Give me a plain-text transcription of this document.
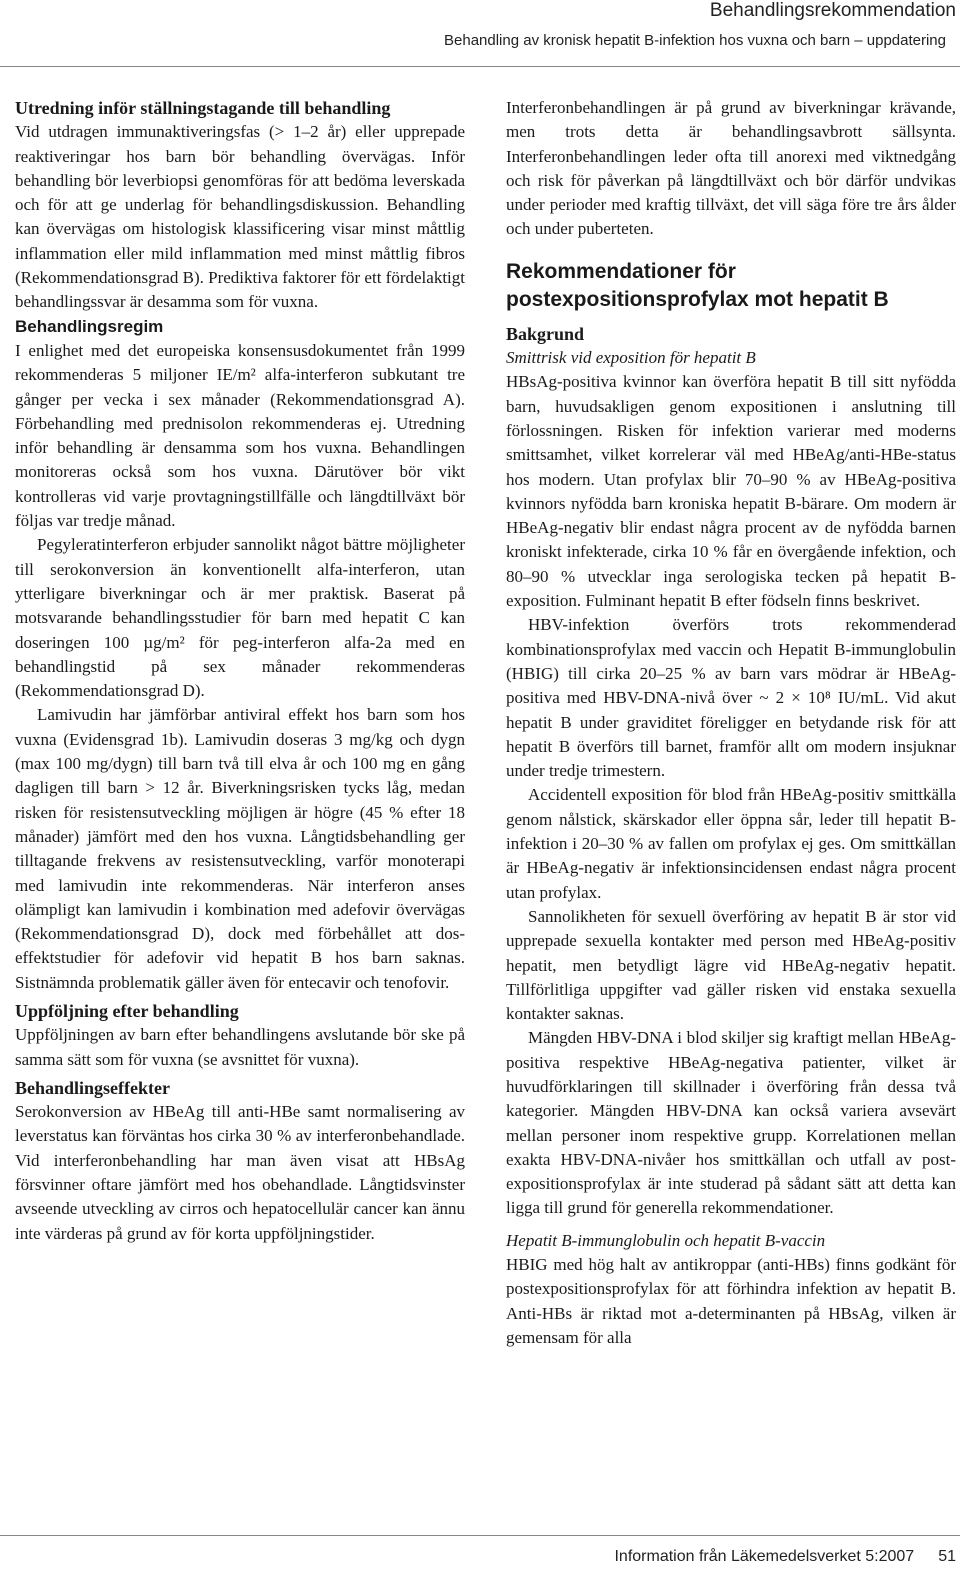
Behandlingsrekommendation
Behandling av kronisk hepatit B-infektion hos vuxna och barn – uppdatering

Utredning inför ställningstagande till behandling

Vid utdragen immunaktiveringsfas (> 1–2 år) eller upprepade reaktiveringar hos barn bör behandling övervägas. Inför behandling bör leverbiopsi genomföras för att bedöma leverskada och för att ge underlag för behandlingsdiskussion. Behandling kan övervägas om histologisk klassificering visar minst måttlig inflammation eller mild inflammation med minst måttlig fibros (Rekommendationsgrad B). Prediktiva faktorer för ett fördelaktigt behandlingssvar är desamma som för vuxna.

Behandlingsregim

I enlighet med det europeiska konsensusdokumentet från 1999 rekommenderas 5 miljoner IE/m² alfa-interferon subkutant tre gånger per vecka i sex månader (Rekommendationsgrad A). Förbehandling med prednisolon rekommenderas ej. Utredning inför behandling är densamma som hos vuxna. Behandlingen monitoreras också som hos vuxna. Därutöver bör vikt kontrolleras vid varje provtagningstillfälle och längdtillväxt bör följas var tredje månad.

Pegyleratinterferon erbjuder sannolikt något bättre möjligheter till serokonversion än konventionellt alfa-interferon, utan ytterligare biverkningar och är mer praktisk. Baserat på motsvarande behandlingsstudier för barn med hepatit C kan doseringen 100 µg/m² för peg-interferon alfa-2a med en behandlingstid på sex månader rekommenderas (Rekommendationsgrad D).

Lamivudin har jämförbar antiviral effekt hos barn som hos vuxna (Evidensgrad 1b). Lamivudin doseras 3 mg/kg och dygn (max 100 mg/dygn) till barn två till elva år och 100 mg en gång dagligen till barn > 12 år. Biverkningsrisken tycks låg, medan risken för resistensutveckling möjligen är högre (45 % efter 18 månader) jämfört med den hos vuxna. Långtidsbehandling ger tilltagande frekvens av resistensutveckling, varför monoterapi med lamivudin inte rekommenderas. När interferon anses olämpligt kan lamivudin i kombination med adefovir övervägas (Rekommendationsgrad D), dock med förbehållet att dos-effektstudier för adefovir vid hepatit B hos barn saknas. Sistnämnda problematik gäller även för entecavir och tenofovir.

Uppföljning efter behandling

Uppföljningen av barn efter behandlingens avslutande bör ske på samma sätt som för vuxna (se avsnittet för vuxna).

Behandlingseffekter

Serokonversion av HBeAg till anti-HBe samt normalisering av leverstatus kan förväntas hos cirka 30 % av interferonbehandlade. Vid interferonbehandling har man även visat att HBsAg försvinner oftare jämfört med hos obehandlade. Långtidsvinster avseende utveckling av cirros och hepatocellulär cancer kan ännu inte värderas på grund av för korta uppföljningstider.

Interferonbehandlingen är på grund av biverkningar krävande, men trots detta är behandlingsavbrott sällsynta. Interferonbehandlingen leder ofta till anorexi med viktnedgång och risk för påverkan på längdtillväxt och bör därför undvikas under perioder med kraftig tillväxt, det vill säga före tre års ålder och under puberteten.

Rekommendationer för postexpositionsprofylax mot hepatit B

Bakgrund

Smittrisk vid exposition för hepatit B

HBsAg-positiva kvinnor kan överföra hepatit B till sitt nyfödda barn, huvudsakligen genom expositionen i anslutning till förlossningen. Risken för infektion varierar med moderns smittsamhet, vilket korrelerar väl med HBeAg/anti-HBe-status hos modern. Utan profylax blir 70–90 % av HBeAg-positiva kvinnors nyfödda barn kroniska hepatit B-bärare. Om modern är HBeAg-negativ blir endast några procent av de nyfödda barnen kroniskt infekterade, cirka 10 % får en övergående infektion, och 80–90 % utvecklar inga serologiska tecken på hepatit B-exposition. Fulminant hepatit B efter födseln finns beskrivet.

HBV-infektion överförs trots rekommenderad kombinationsprofylax med vaccin och Hepatit B-immunglobulin (HBIG) till cirka 20–25 % av barn vars mödrar är HBeAg-positiva med HBV-DNA-nivå över ~ 2 × 10⁸ IU/mL. Vid akut hepatit B under graviditet föreligger en betydande risk för att hepatit B överförs till barnet, framför allt om modern insjuknar under tredje trimestern.

Accidentell exposition för blod från HBeAg-positiv smittkälla genom nålstick, skärskador eller öppna sår, leder till hepatit B-infektion i 20–30 % av fallen om profylax ej ges. Om smittkällan är HBeAg-negativ är infektionsincidensen endast några procent utan profylax.

Sannolikheten för sexuell överföring av hepatit B är stor vid upprepade sexuella kontakter med person med HBeAg-positiv hepatit, men betydligt lägre vid HBeAg-negativ hepatit. Tillförlitliga uppgifter vad gäller risken vid enstaka sexuella kontakter saknas.

Mängden HBV-DNA i blod skiljer sig kraftigt mellan HBeAg-positiva respektive HBeAg-negativa patienter, vilket är huvudförklaringen till skillnader i överföring från dessa två kategorier. Mängden HBV-DNA kan också variera avsevärt mellan personer inom respektive grupp. Korrelationen mellan exakta HBV-DNA-nivåer hos smittkällan och utfall av post-expositionsprofylax är inte studerad på sådant sätt att detta kan ligga till grund för generella rekommendationer.

Hepatit B-immunglobulin och hepatit B-vaccin

HBIG med hög halt av antikroppar (anti-HBs) finns godkänt för postexpositionsprofylax för att förhindra infektion av hepatit B. Anti-HBs är riktad mot a-determinanten på HBsAg, vilken är gemensam för alla

Information från Läkemedelsverket 5:2007 51
